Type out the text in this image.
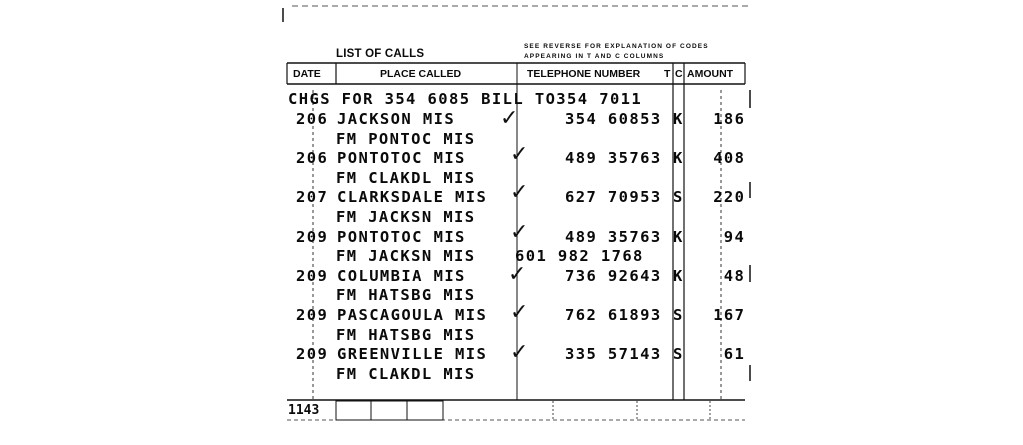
LIST OF CALLS
SEE REVERSE FOR EXPLANATION OF CODES
APPEARING IN T AND C COLUMNS
DATE	PLACE CALLED	TELEPHONE NUMBER T C AMOUNT
CHGS FOR 354 6085 BILL TO354 7011
206 JACKSON MIS	354 60853 K 186
FM PONTOC MIS
206 PONTOTOC MIS	489 35763 K 408
FM CLAKDL MIS
207 CLARKSDALE MIS	627 70953 S 220
FM JACKSN MIS
209 PONTOTOC MIS	489 35763 K	94
FM JACKSN MIS	601 982 1768
209 COLUMBIA MIS	736 92643 K	48
FM HATSBG MIS
209 PASCAGOULA MIS	762 61893 S 167
FM HATSBG MIS
209 GREENVILLE MIS	335 57143 S	61
FM CLAKDL MIS
✓
✓
✓
✓
✓
✓
✓
1143
